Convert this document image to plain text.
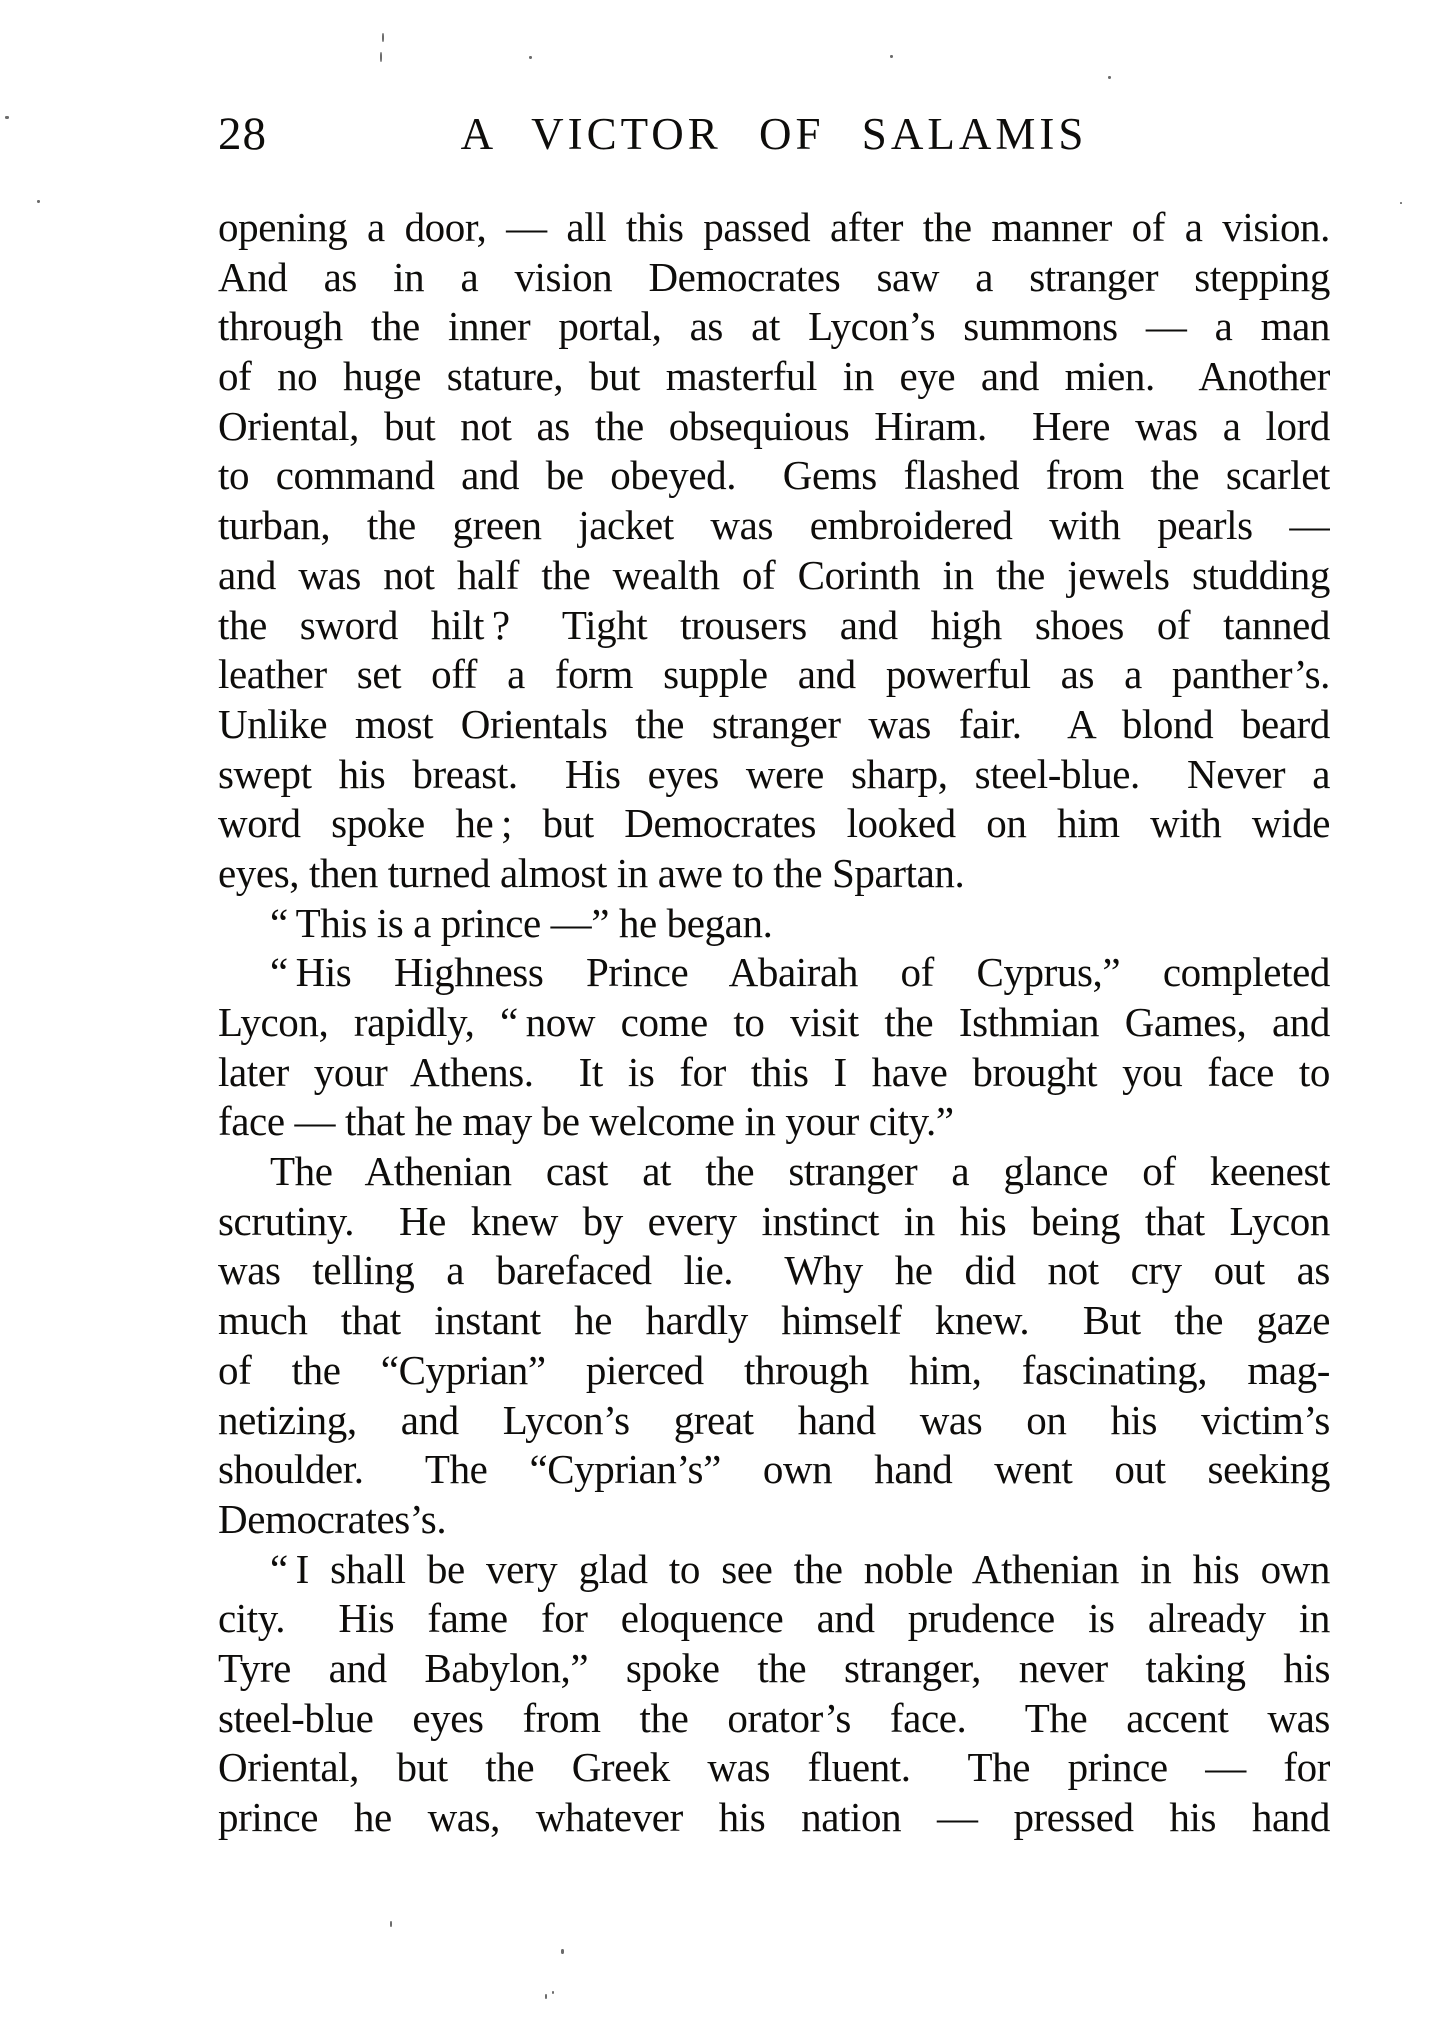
28	A VICTOR OF SALAMIS
opening a door, — all this passed after the manner of a vision.
And as in a vision Democrates saw a stranger stepping
through the inner portal, as at Lycon’s summons — a man
of no huge stature, but masterful in eye and mien.  Another
Oriental, but not as the obsequious Hiram.  Here was a lord
to command and be obeyed.  Gems flashed from the scarlet
turban, the green jacket was embroidered with pearls —
and was not half the wealth of Corinth in the jewels studding
the sword hilt ?  Tight trousers and high shoes of tanned
leather set off a form supple and powerful as a panther’s.
Unlike most Orientals the stranger was fair.  A blond beard
swept his breast.  His eyes were sharp, steel-blue.  Never a
word spoke he ; but Democrates looked on him with wide
eyes, then turned almost in awe to the Spartan.
“ This is a prince —” he began.
“ His Highness Prince Abairah of Cyprus,” completed
Lycon, rapidly, “ now come to visit the Isthmian Games, and
later your Athens.  It is for this I have brought you face to
face — that he may be welcome in your city.”
The Athenian cast at the stranger a glance of keenest
scrutiny.  He knew by every instinct in his being that Lycon
was telling a barefaced lie.  Why he did not cry out as
much that instant he hardly himself knew.  But the gaze
of the “Cyprian” pierced through him, fascinating, mag-
netizing, and Lycon’s great hand was on his victim’s
shoulder.  The “Cyprian’s” own hand went out seeking
Democrates’s.
“ I shall be very glad to see the noble Athenian in his own
city.  His fame for eloquence and prudence is already in
Tyre and Babylon,” spoke the stranger, never taking his
steel-blue eyes from the orator’s face.  The accent was
Oriental, but the Greek was fluent.  The prince — for
prince he was, whatever his nation — pressed his hand
